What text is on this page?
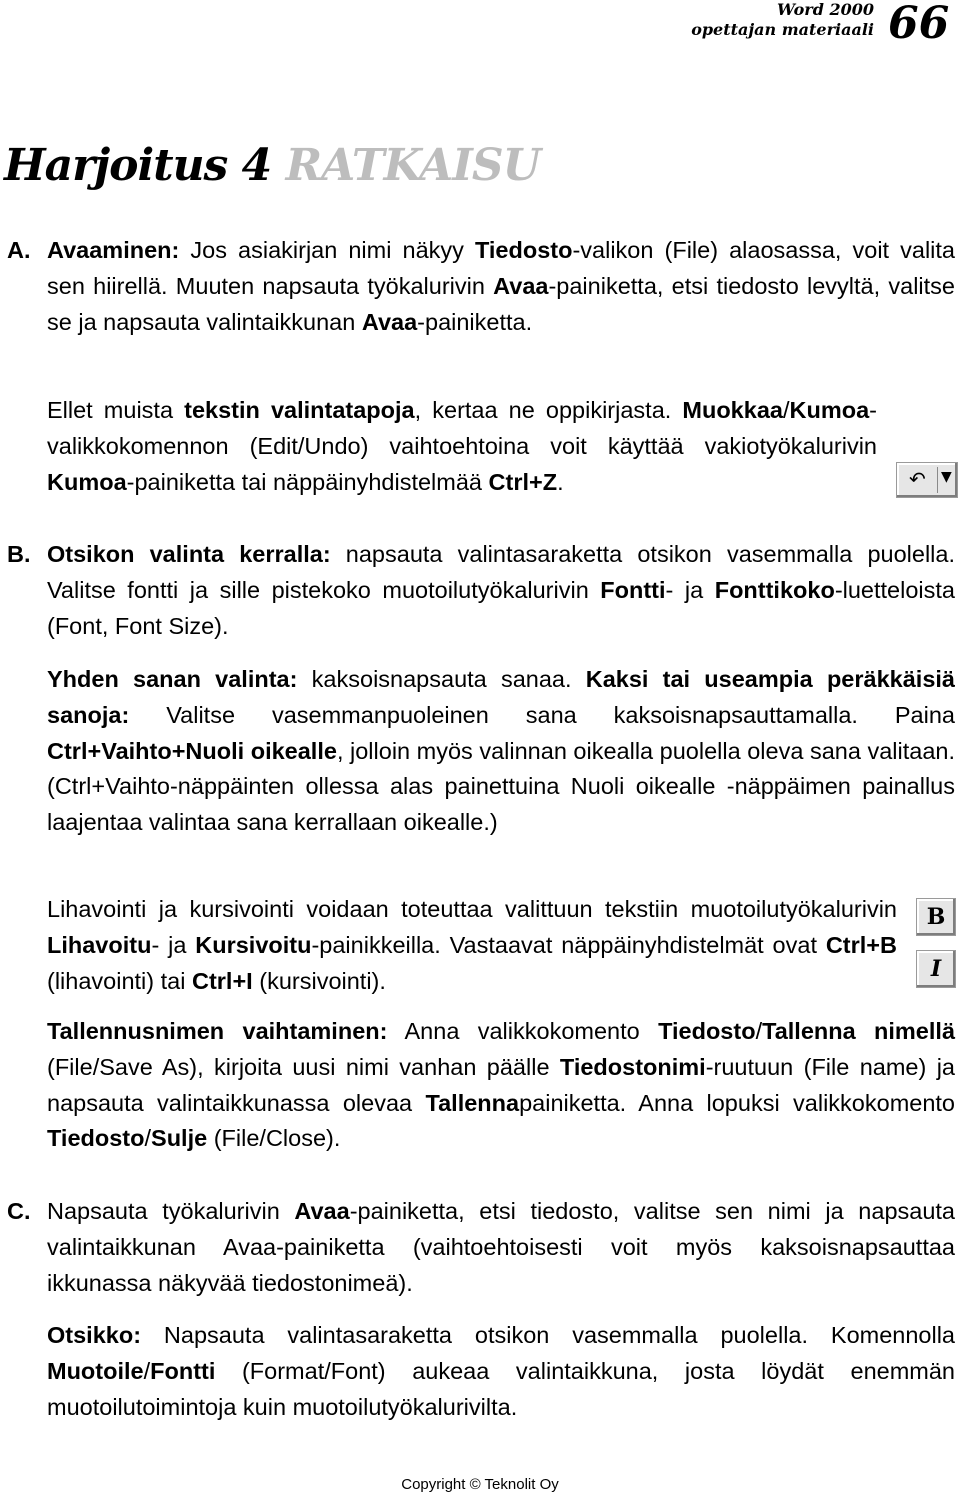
Word 2000
opettajan materiaali 66
Harjoitus 4 RATKAISU
A. Avaaminen: Jos asiakirjan nimi näkyy Tiedosto-valikon (File) alaosassa, voit valita sen hiirellä. Muuten napsauta työkalurivin Avaa-painiketta, etsi tiedosto levyltä, valitse se ja napsauta valintaikkunan Avaa-painiketta.

Ellet muista tekstin valintatapoja, kertaa ne oppikirjasta. Muokkaa/Kumoa-valikkokomennon (Edit/Undo) vaihtoehtoina voit käyttää vakiotyökalurivin Kumoa-painiketta tai näppäinyhdistelmää Ctrl+Z.	↶ ▼
B. Otsikon valinta kerralla: napsauta valintasaraketta otsikon vasemmalla puolella. Valitse fontti ja sille pistekoko muotoilutyökalurivin Fontti- ja Fonttikoko-luetteloista (Font, Font Size).

Yhden sanan valinta: kaksoisnapsauta sanaa. Kaksi tai useampia peräkkäisiä sanoja: Valitse vasemmanpuoleinen sana kaksoisnapsauttamalla. Paina Ctrl+Vaihto+Nuoli oikealle, jolloin myös valinnan oikealla puolella oleva sana valitaan. (Ctrl+Vaihto-näppäinten ollessa alas painettuina Nuoli oikealle -näppäimen painallus laajentaa valintaa sana kerrallaan oikealle.)

Lihavointi ja kursivointi voidaan toteuttaa valittuun tekstiin muotoilutyökalurivin Lihavoitu- ja Kursivoitu-painikkeilla. Vastaavat näppäinyhdistelmät ovat Ctrl+B (lihavointi) tai Ctrl+I (kursivointi).

B
I

Tallennusnimen vaihtaminen: Anna valikkokomento Tiedosto/Tallenna nimellä (File/Save As), kirjoita uusi nimi vanhan päälle Tiedostonimi-ruutuun (File name) ja napsauta valintaikkunassa olevaa Tallennapainiketta. Anna lopuksi valikkokomento Tiedosto/Sulje (File/Close).

C. Napsauta työkalurivin Avaa-painiketta, etsi tiedosto, valitse sen nimi ja napsauta valintaikkunan Avaa-painiketta (vaihtoehtoisesti voit myös kaksoisnapsauttaa ikkunassa näkyvää tiedostonimeä).

Otsikko: Napsauta valintasaraketta otsikon vasemmalla puolella. Komennolla Muotoile/Fontti (Format/Font) aukeaa valintaikkuna, josta löydät enemmän muotoilutoimintoja kuin muotoilutyökalurivilta.

Copyright © Teknolit Oy
